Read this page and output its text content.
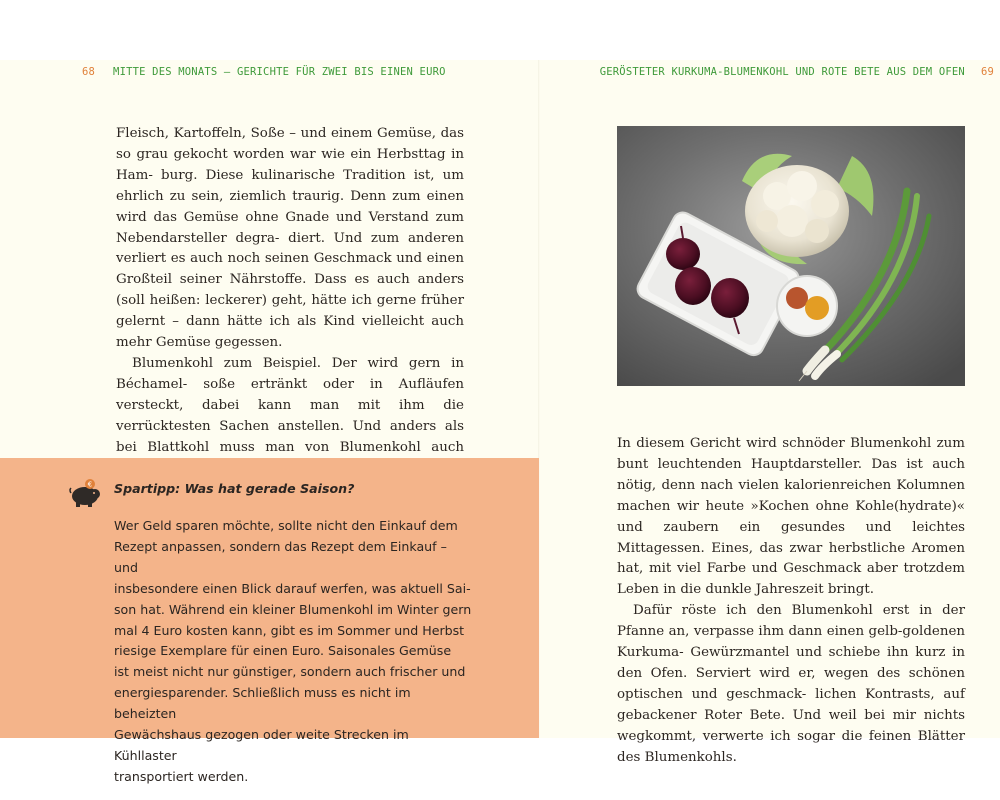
68 MITTE DES MONATS – GERICHTE FÜR ZWEI BIS EINEN EURO	GERÖSTETER KURKUMA-BLUMENKOHL UND ROTE BETE AUS DEM OFEN 69

Fleisch, Kartoffeln, Soße – und einem Gemüse, das so grau gekocht worden war wie ein Herbsttag in Ham- burg. Diese kulinarische Tradition ist, um ehrlich zu sein, ziemlich traurig. Denn zum einen wird das Gemüse ohne Gnade und Verstand zum Nebendarsteller degra- diert. Und zum anderen verliert es auch noch seinen Geschmack und einen Großteil seiner Nährstoffe. Dass es auch anders (soll heißen: leckerer) geht, hätte ich gerne früher gelernt – dann hätte ich als Kind vielleicht auch mehr Gemüse gegessen.

Blumenkohl zum Beispiel. Der wird gern in Béchamel- soße ertränkt oder in Aufläufen versteckt, dabei kann man mit ihm die verrücktesten Sachen anstellen. Und anders als bei Blattkohl muss man von Blumenkohl auch	In diesem Gericht wird schnöder Blumenkohl zum bunt leuchtenden Hauptdarsteller. Das ist auch nötig, denn nach vielen kalorienreichen Kolumnen machen wir heute »Kochen ohne Kohle(hydrate)« und zaubern ein gesundes und leichtes Mittagessen. Eines, das zwar herbstliche Aromen hat, mit viel Farbe und Geschmack aber trotzdem Leben in die dunkle Jahreszeit bringt.

Dafür röste ich den Blumenkohl erst in der Pfanne an, verpasse ihm dann einen gelb-goldenen Kurkuma- Gewürzmantel und schiebe ihn kurz in den Ofen. Serviert wird er, wegen des schönen optischen und geschmack- lichen Kontrasts, auf gebackener Roter Bete. Und weil bei mir nichts wegkommt, verwerte ich sogar die feinen Blätter des Blumenkohls.

€ Spartipp: Was hat gerade Saison?

Wer Geld sparen möchte, sollte nicht den Einkauf dem
Rezept anpassen, sondern das Rezept dem Einkauf – und
insbesondere einen Blick darauf werfen, was aktuell Sai-
son hat. Während ein kleiner Blumenkohl im Winter gern
mal 4 Euro kosten kann, gibt es im Sommer und Herbst
riesige Exemplare für einen Euro. Saisonales Gemüse
ist meist nicht nur günstiger, sondern auch frischer und
energiesparender. Schließlich muss es nicht im beheizten
Gewächshaus gezogen oder weite Strecken im Kühllaster
transportiert werden.
